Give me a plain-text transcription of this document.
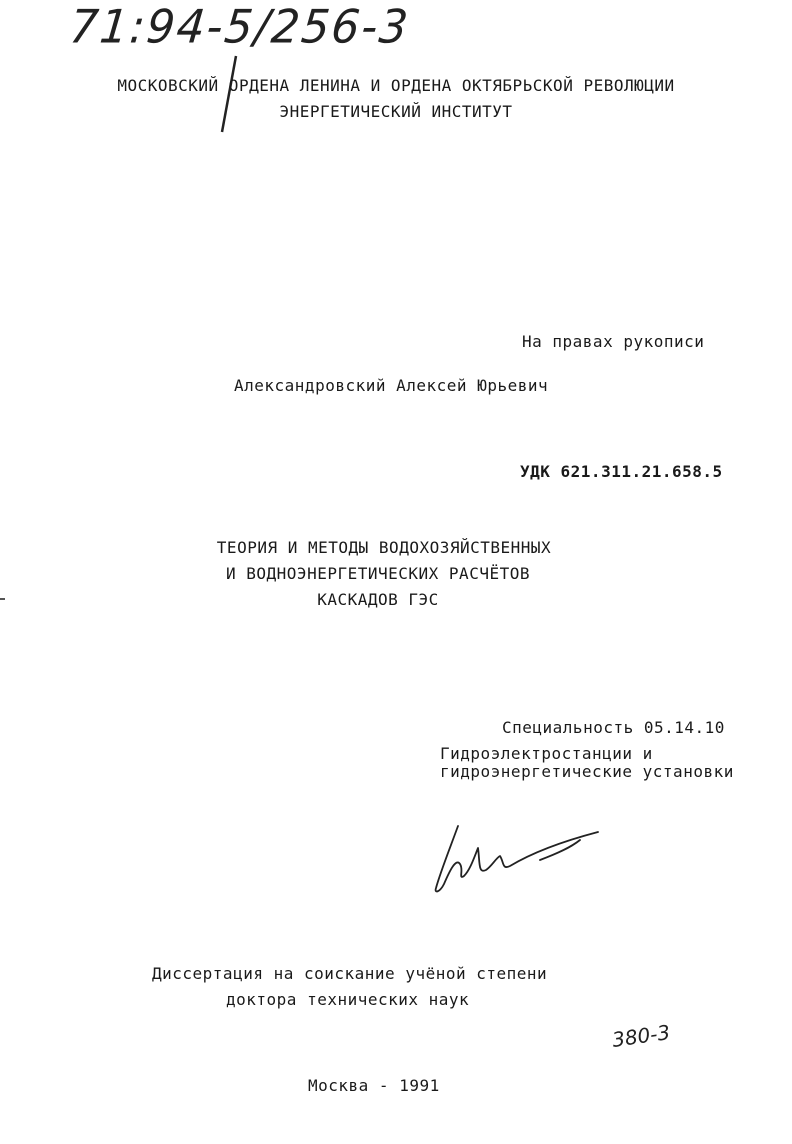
71:94-5/256-3
МОСКОВСКИЙ ОРДЕНА ЛЕНИНА И ОРДЕНА ОКТЯБРЬСКОЙ РЕВОЛЮЦИИ
ЭНЕРГЕТИЧЕСКИЙ ИНСТИТУТ
На правах рукописи
Александровский Алексей Юрьевич
УДК 621.311.21.658.5
ТЕОРИЯ И МЕТОДЫ ВОДОХОЗЯЙСТВЕННЫХ
И ВОДНОЭНЕРГЕТИЧЕСКИХ РАСЧЁТОВ
КАСКАДОВ ГЭС
Специальность 05.14.10
Гидроэлектростанции и
гидроэнергетические установки
Диссертация на соискание учёной степени
доктора технических наук
380-3
Москва - 1991
